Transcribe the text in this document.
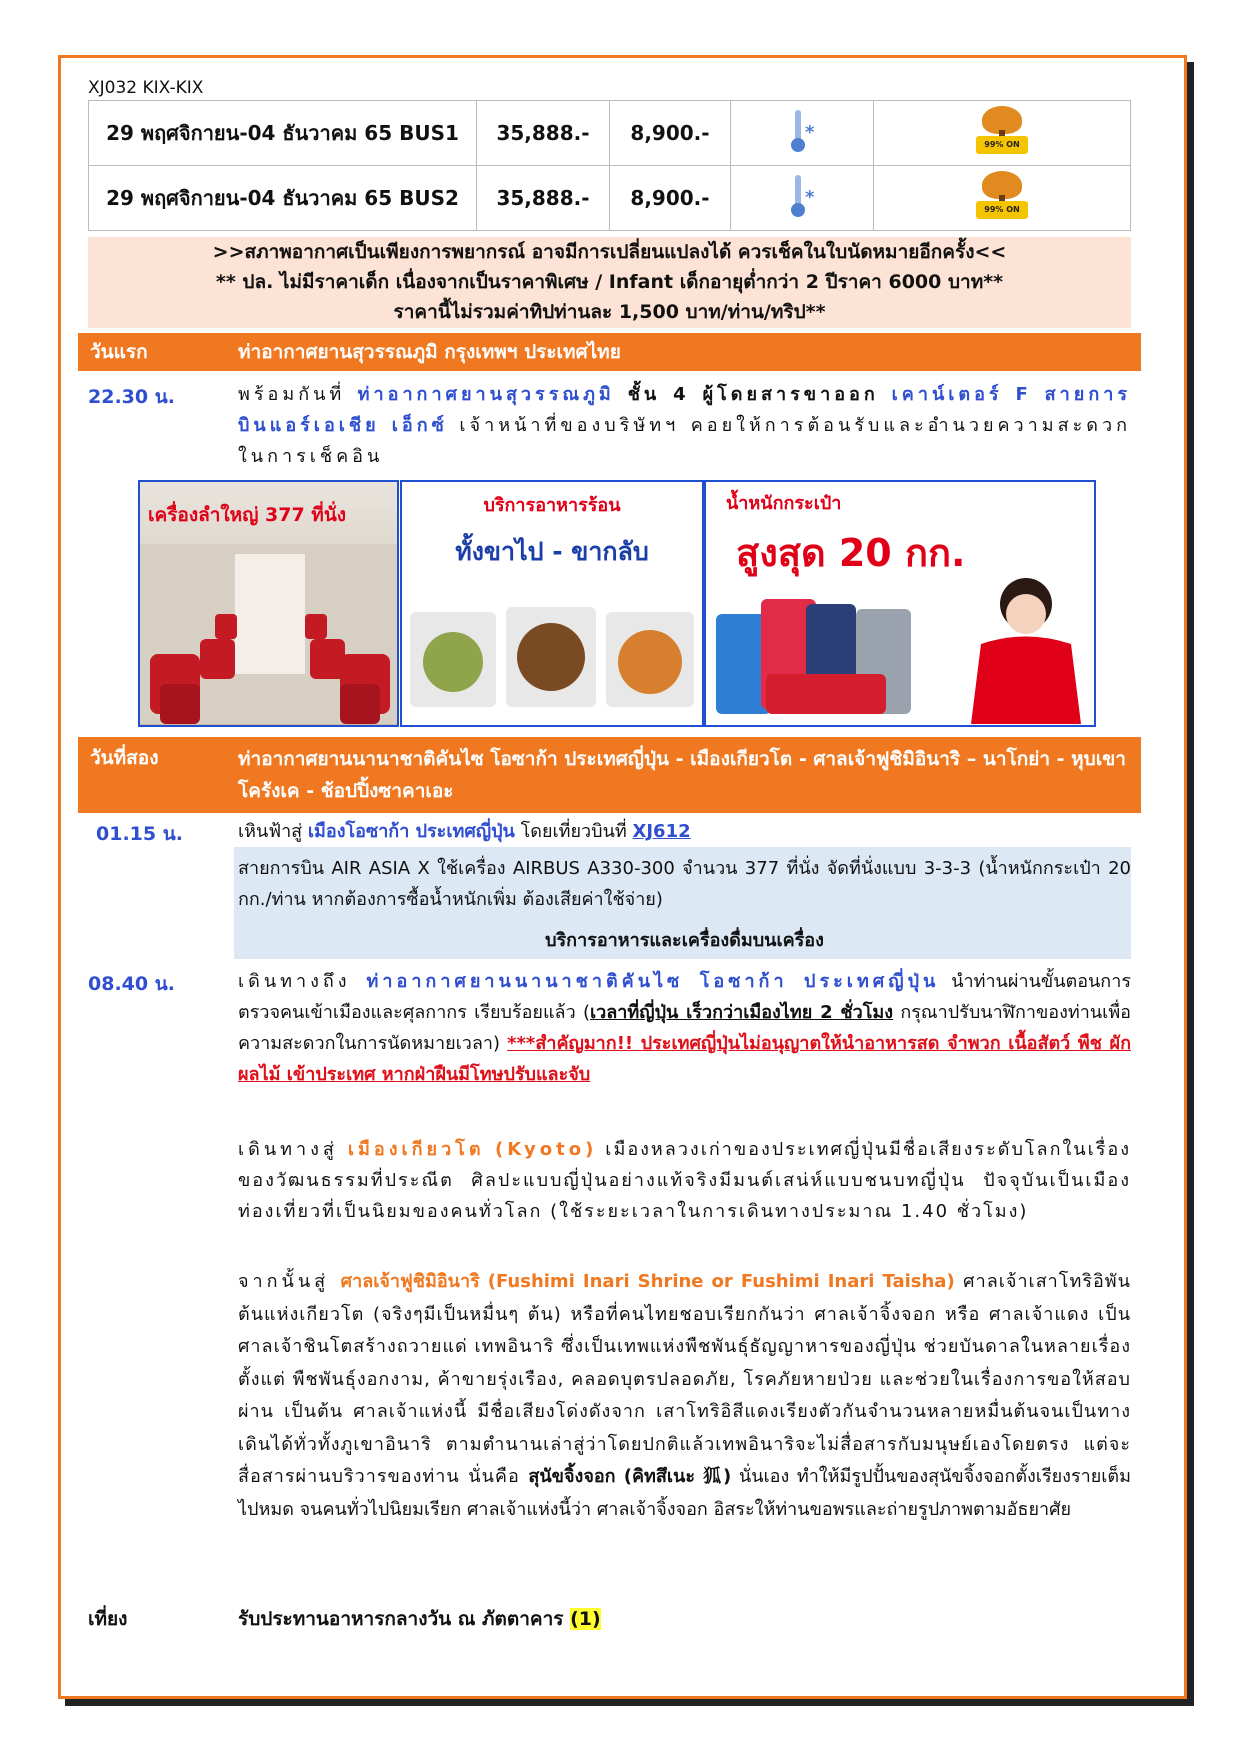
XJ032 KIX-KIX
29 พฤศจิกายน-04 ธันวาคม 65 BUS1	35,888.-	8,900.-	*	99% ON

29 พฤศจิกายน-04 ธันวาคม 65 BUS2	35,888.-	8,900.-	*	99% ON
>>สภาพอากาศเป็นเพียงการพยากรณ์ อาจมีการเปลี่ยนแปลงได้ ควรเช็คในใบนัดหมายอีกครั้ง<<
** ปล. ไม่มีราคาเด็ก เนื่องจากเป็นราคาพิเศษ / Infant เด็กอายุต่ำกว่า 2 ปีราคา 6000 บาท**
ราคานี้ไม่รวมค่าทิปท่านละ 1,500 บาท/ท่าน/ทริป**
วันแรก	ท่าอากาศยานสุวรรณภูมิ กรุงเทพฯ ประเทศไทย
22.30 น.	พร้อมกันที่ ท่าอากาศยานสุวรรณภูมิ ชั้น 4 ผู้โดยสารขาออก เคาน์เตอร์ F สายการบินแอร์เอเชีย เอ็กซ์ เจ้าหน้าที่ของบริษัทฯ คอยให้การต้อนรับและอำนวยความสะดวกในการเช็คอิน
เครื่องลำใหญ่ 377 ที่นั่ง	บริการอาหารร้อน
ทั้งขาไป - ขากลับ
น้ำหนักกระเป๋า
สูงสุด 20 กก.
วันที่สอง	ท่าอากาศยานนานาชาติคันไซ โอซาก้า ประเทศญี่ปุ่น - เมืองเกียวโต - ศาลเจ้าฟูชิมิอินาริ – นาโกย่า - หุบเขาโครังเค - ช้อปปิ้งซาคาเอะ
01.15 น.	เหินฟ้าสู่ เมืองโอซาก้า ประเทศญี่ปุ่น โดยเที่ยวบินที่ XJ612
สายการบิน AIR ASIA X ใช้เครื่อง AIRBUS A330-300 จำนวน 377 ที่นั่ง จัดที่นั่งแบบ 3-3-3 (น้ำหนักกระเป๋า 20 กก./ท่าน หากต้องการซื้อน้ำหนักเพิ่ม ต้องเสียค่าใช้จ่าย)
บริการอาหารและเครื่องดื่มบนเครื่อง
08.40 น.	เดินทางถึง ท่าอากาศยานนานาชาติคันไซ โอซาก้า ประเทศญี่ปุ่น นำท่านผ่านขั้นตอนการตรวจคนเข้าเมืองและศุลกากร เรียบร้อยแล้ว (เวลาที่ญี่ปุ่น เร็วกว่าเมืองไทย 2 ชั่วโมง กรุณาปรับนาฬิกาของท่านเพื่อความสะดวกในการนัดหมายเวลา) ***สำคัญมาก!! ประเทศญี่ปุ่นไม่อนุญาตให้นำอาหารสด จำพวก เนื้อสัตว์ พืช ผัก ผลไม้ เข้าประเทศ หากฝ่าฝืนมีโทษปรับและจับ
เดินทางสู่ เมืองเกียวโต (Kyoto) เมืองหลวงเก่าของประเทศญี่ปุ่นมีชื่อเสียงระดับโลกในเรื่องของวัฒนธรรมที่ประณีต ศิลปะแบบญี่ปุ่นอย่างแท้จริงมีมนต์เสน่ห์แบบชนบทญี่ปุ่น ปัจจุบันเป็นเมืองท่องเที่ยวที่เป็นนิยมของคนทั่วโลก (ใช้ระยะเวลาในการเดินทางประมาณ 1.40 ชั่วโมง)
จากนั้นสู่ ศาลเจ้าฟูชิมิอินาริ (Fushimi Inari Shrine or Fushimi Inari Taisha) ศาลเจ้าเสาโทริอิพันต้นแห่งเกียวโต (จริงๆมีเป็นหมื่นๆ ต้น) หรือที่คนไทยชอบเรียกกันว่า ศาลเจ้าจิ้งจอก หรือ ศาลเจ้าแดง เป็นศาลเจ้าชินโตสร้างถวายแด่ เทพอินาริ ซึ่งเป็นเทพแห่งพืชพันธุ์ธัญญาหารของญี่ปุ่น ช่วยบันดาลในหลายเรื่องตั้งแต่ พืชพันธุ์งอกงาม, ค้าขายรุ่งเรือง, คลอดบุตรปลอดภัย, โรคภัยหายป่วย และช่วยในเรื่องการขอให้สอบผ่าน เป็นต้น ศาลเจ้าแห่งนี้ มีชื่อเสียงโด่งดังจาก เสาโทริอิสีแดงเรียงตัวกันจำนวนหลายหมื่นต้นจนเป็นทางเดินได้ทั่วทั้งภูเขาอินาริ ตามตำนานเล่าสู่ว่าโดยปกติแล้วเทพอินาริจะไม่สื่อสารกับมนุษย์เองโดยตรง แต่จะสื่อสารผ่านบริวารของท่าน นั่นคือ สุนัขจิ้งจอก (คิทสึเนะ 狐) นั่นเอง ทำให้มีรูปปั้นของสุนัขจิ้งจอกตั้งเรียงรายเต็มไปหมด จนคนทั่วไปนิยมเรียก ศาลเจ้าแห่งนี้ว่า ศาลเจ้าจิ้งจอก อิสระให้ท่านขอพรและถ่ายรูปภาพตามอัธยาศัย
เที่ยง	รับประทานอาหารกลางวัน ณ ภัตตาคาร (1)
